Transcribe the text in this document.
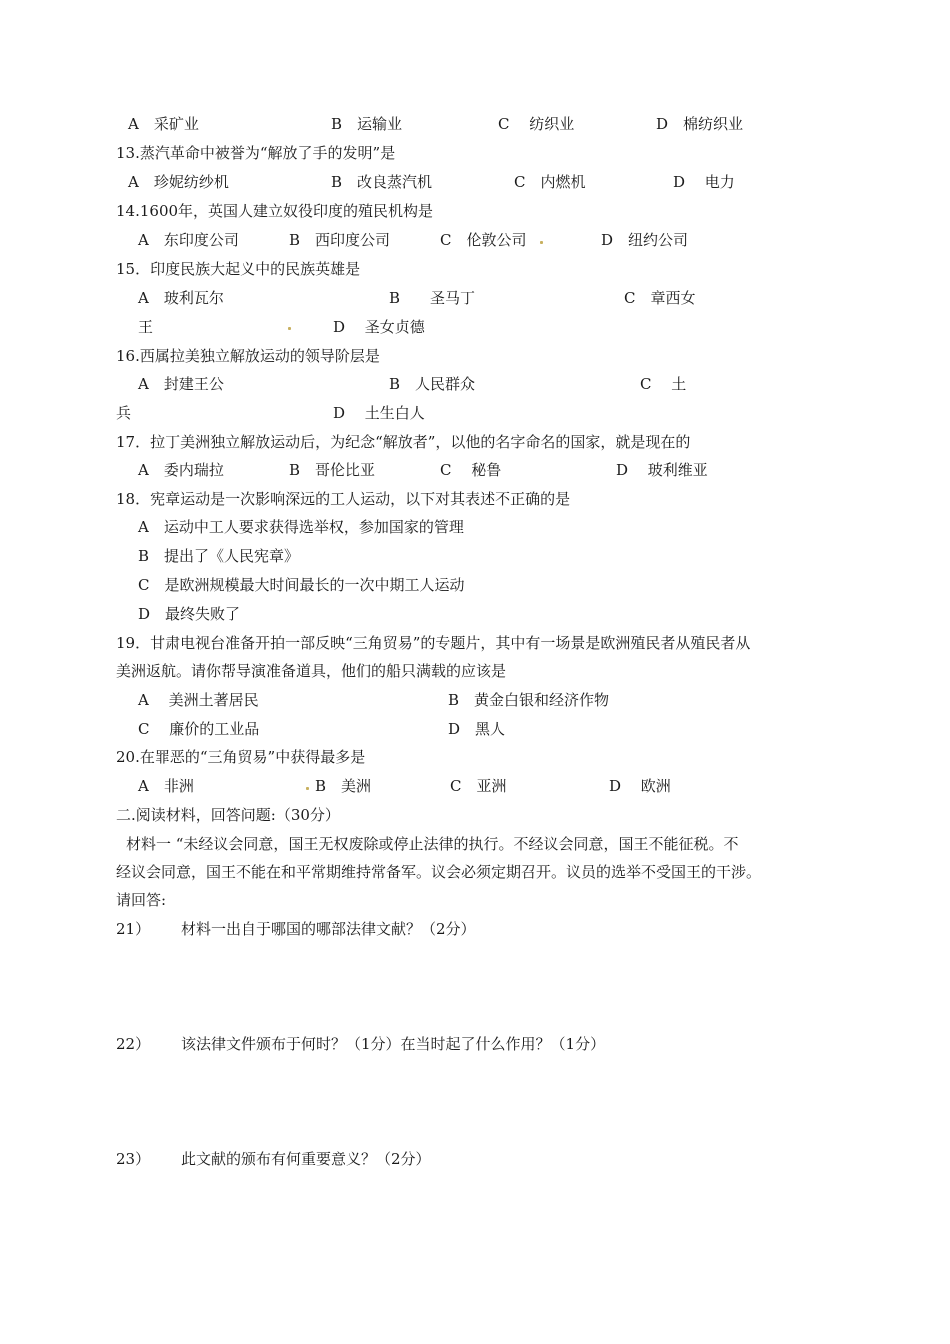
A　采矿业	B　运输业	C　 纺织业	D　棉纺织业
13.蒸汽革命中被誉为“解放了手的发明”是
A　珍妮纺纱机	B　改良蒸汽机	C　内燃机	D　 电力
14.1600年，英国人建立奴役印度的殖民机构是
A　东印度公司	B　西印度公司	C　伦敦公司	D　纽约公司
15．印度民族大起义中的民族英雄是
A　玻利瓦尔	B　　圣马丁	C　章西女
王	D　 圣女贞德
16.西属拉美独立解放运动的领导阶层是
A　封建王公	B　人民群众	C　 土
兵	D　 土生白人
17．拉丁美洲独立解放运动后，为纪念“解放者”，以他的名字命名的国家，就是现在的
A　委内瑞拉	B　哥伦比亚	C　 秘鲁	D　 玻利维亚
18．宪章运动是一次影响深远的工人运动，以下对其表述不正确的是
A　运动中工人要求获得选举权，参加国家的管理
B　提出了《人民宪章》
C　是欧洲规模最大时间最长的一次中期工人运动
D　最终失败了
19．甘肃电视台准备开拍一部反映“三角贸易”的专题片，其中有一场景是欧洲殖民者从殖民者从
美洲返航。请你帮导演准备道具，他们的船只满载的应该是
A　 美洲土著居民	B　黄金白银和经济作物
C　 廉价的工业品	D　黑人
20.在罪恶的“三角贸易”中获得最多是
A　非洲	B　美洲	C　亚洲	D　 欧洲
二.阅读材料，回答问题:（30分）
材料一 “未经议会同意，国王无权废除或停止法律的执行。不经议会同意，国王不能征税。不
经议会同意，国王不能在和平常期维持常备军。议会必须定期召开。议员的选举不受国王的干涉。
请回答:
21） 材料一出自于哪国的哪部法律文献？（2分）
22） 该法律文件颁布于何时？（1分）在当时起了什么作用？（1分）
23） 此文献的颁布有何重要意义？（2分）
